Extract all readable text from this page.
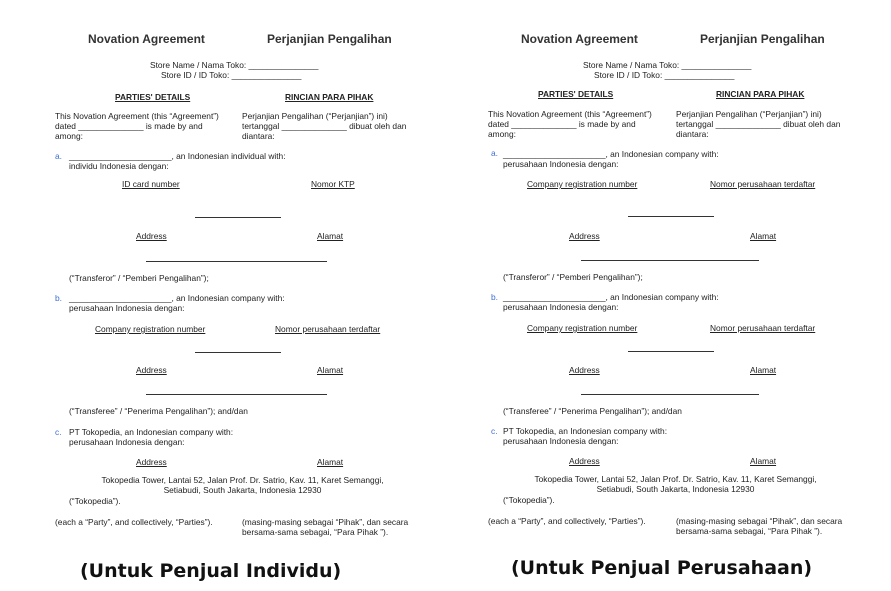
Novation Agreement	Perjanjian Pengalihan
Store Name / Nama Toko: _______________
Store ID / ID Toko: _______________
PARTIES' DETAILS	RINCIAN PARA PIHAK
This Novation Agreement (this “Agreement”)
dated ______________ is made by and
among:
Perjanjian Pengalihan (“Perjanjian”) ini)
tertanggal ______________ dibuat oleh dan
diantara:
a. ______________________, an Indonesian individual with:
individu Indonesia dengan:
ID card number	Nomor KTP
Address	Alamat
(“Transferor” / “Pemberi Pengalihan”);
b. ______________________, an Indonesian company with:
perusahaan Indonesia dengan:
Company registration number	Nomor perusahaan terdaftar
Address	Alamat
(“Transferee” / “Penerima Pengalihan”); and/dan
c. PT Tokopedia, an Indonesian company with:
perusahaan Indonesia dengan:
Address	Alamat
Tokopedia Tower, Lantai 52, Jalan Prof. Dr. Satrio, Kav. 11, Karet Semanggi,
Setiabudi, South Jakarta, Indonesia 12930
(“Tokopedia”).
(each a “Party”, and collectively, “Parties”).	(masing-masing sebagai “Pihak”, dan secara
bersama-sama sebagai, “Para Pihak ”).
Novation Agreement	Perjanjian Pengalihan
Store Name / Nama Toko: _______________
Store ID / ID Toko: _______________
PARTIES' DETAILS	RINCIAN PARA PIHAK
This Novation Agreement (this “Agreement”)
dated ______________ is made by and
among:
Perjanjian Pengalihan (“Perjanjian”) ini)
tertanggal ______________ dibuat oleh dan
diantara:
a. ______________________, an Indonesian company with:
perusahaan Indonesia dengan:
Company registration number	Nomor perusahaan terdaftar
Address	Alamat
(“Transferor” / “Pemberi Pengalihan”);
b. ______________________, an Indonesian company with:
perusahaan Indonesia dengan:
Company registration number	Nomor perusahaan terdaftar
Address	Alamat
(“Transferee” / “Penerima Pengalihan”); and/dan
c. PT Tokopedia, an Indonesian company with:
perusahaan Indonesia dengan:
Address	Alamat
Tokopedia Tower, Lantai 52, Jalan Prof. Dr. Satrio, Kav. 11, Karet Semanggi,
Setiabudi, South Jakarta, Indonesia 12930
(“Tokopedia”).
(each a “Party”, and collectively, “Parties”).	(masing-masing sebagai “Pihak”, dan secara
bersama-sama sebagai, “Para Pihak ”).
(Untuk Penjual Individu)	(Untuk Penjual Perusahaan)
